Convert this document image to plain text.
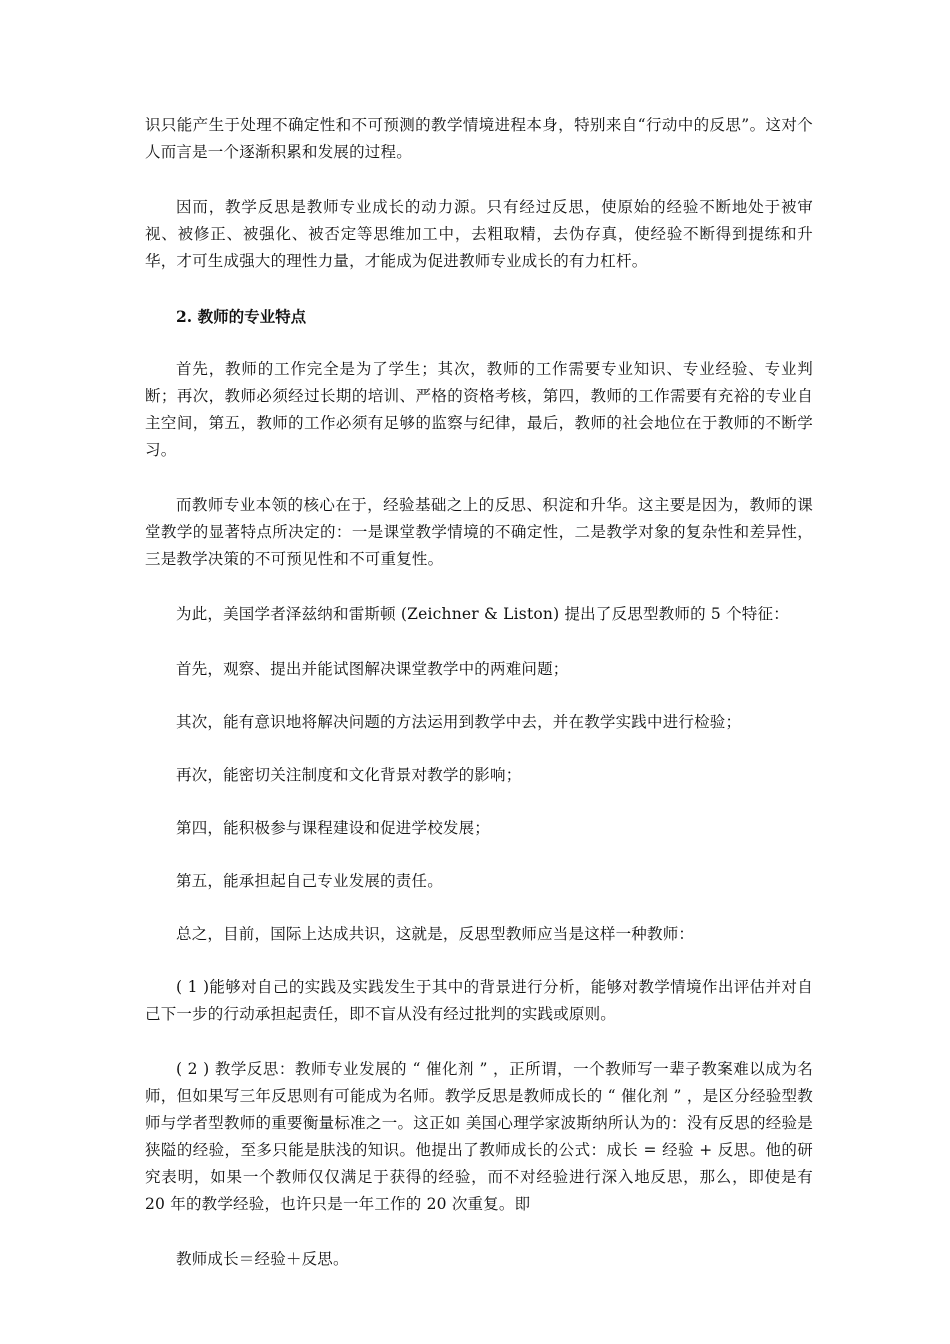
识只能产生于处理不确定性和不可预测的教学情境进程本身，特别来自“行动中的反思”。这对个人而言是一个逐渐积累和发展的过程。

因而，教学反思是教师专业成长的动力源。只有经过反思，使原始的经验不断地处于被审视、被修正、被强化、被否定等思维加工中，去粗取精，去伪存真，使经验不断得到提练和升华，才可生成强大的理性力量，才能成为促进教师专业成长的有力杠杆。

2. 教师的专业特点

首先，教师的工作完全是为了学生；其次，教师的工作需要专业知识、专业经验、专业判断；再次，教师必须经过长期的培训、严格的资格考核，第四，教师的工作需要有充裕的专业自主空间，第五，教师的工作必须有足够的监察与纪律，最后，教师的社会地位在于教师的不断学习。

而教师专业本领的核心在于，经验基础之上的反思、积淀和升华。这主要是因为，教师的课堂教学的显著特点所决定的：一是课堂教学情境的不确定性，二是教学对象的复杂性和差异性，三是教学决策的不可预见性和不可重复性。

为此，美国学者泽兹纳和雷斯顿 (Zeichner & Liston) 提出了反思型教师的 5 个特征：

首先，观察、提出并能试图解决课堂教学中的两难问题；

其次，能有意识地将解决问题的方法运用到教学中去，并在教学实践中进行检验；

再次，能密切关注制度和文化背景对教学的影响；

第四，能积极参与课程建设和促进学校发展；

第五，能承担起自己专业发展的责任。

总之，目前，国际上达成共识，这就是，反思型教师应当是这样一种教师：

( 1 )能够对自己的实践及实践发生于其中的背景进行分析，能够对教学情境作出评估并对自己下一步的行动承担起责任，即不盲从没有经过批判的实践或原则。

( 2 ) 教学反思：教师专业发展的 “ 催化剂 ” ，正所谓，一个教师写一辈子教案难以成为名师，但如果写三年反思则有可能成为名师。教学反思是教师成长的 “ 催化剂 ” ，是区分经验型教师与学者型教师的重要衡量标准之一。这正如 美国心理学家波斯纳所认为的：没有反思的经验是狭隘的经验，至多只能是肤浅的知识。他提出了教师成长的公式：成长 = 经验 + 反思。他的研究表明，如果一个教师仅仅满足于获得的经验，而不对经验进行深入地反思，那么，即使是有 20 年的教学经验，也许只是一年工作的 20 次重复。即

教师成长＝经验＋反思。
